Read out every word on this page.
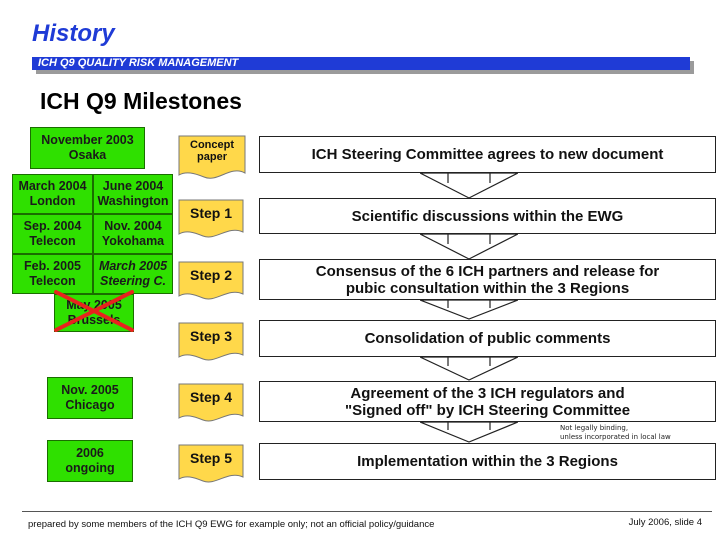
History
ICH Q9 QUALITY RISK MANAGEMENT
ICH Q9 Milestones
November 2003
Osaka
March 2004
London
June 2004
Washington
Sep. 2004
Telecon
Nov. 2004
Yokohama
Feb. 2005
Telecon
March 2005
Steering C.
May 2005
Brussels
Nov. 2005
Chicago
2006
ongoing
Concept
paper
Step 1
Step 2
Step 3
Step 4
Step 5
ICH Steering Committee agrees to new document
Scientific discussions within the EWG
Consensus of the 6 ICH partners and release for
pubic consultation within the 3 Regions
Consolidation of public comments
Agreement of the 3 ICH regulators and
"Signed off" by ICH Steering Committee
Implementation within the 3 Regions
Not legally binding,
unless incorporated in local law
prepared by some members of the ICH Q9 EWG for example only; not an official policy/guidance	July 2006, slide 4
